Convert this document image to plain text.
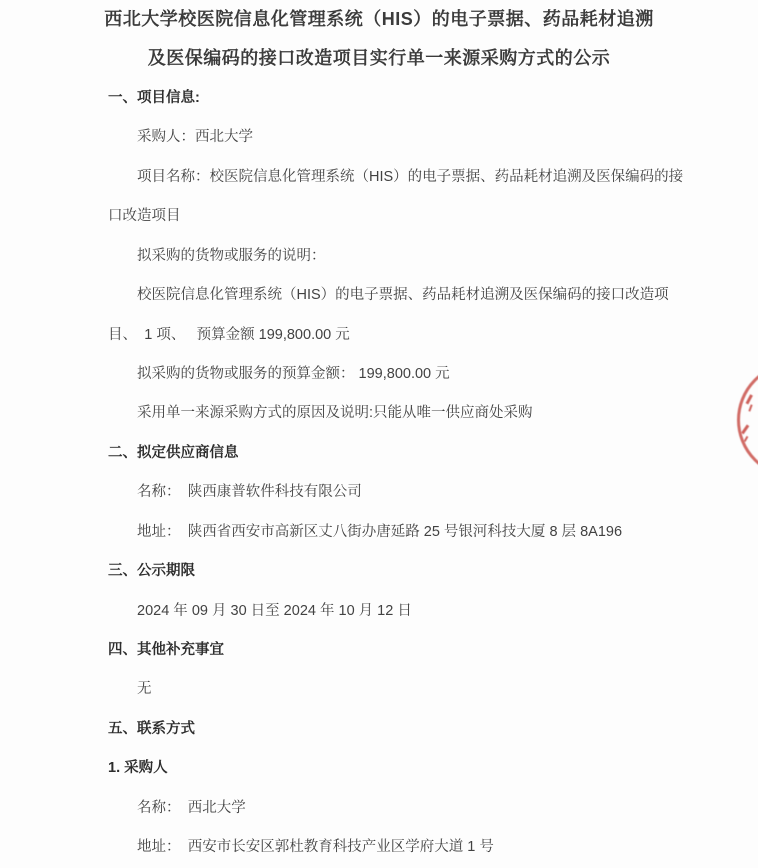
西北大学校医院信息化管理系统（HIS）的电子票据、药品耗材追溯
及医保编码的接口改造项目实行单一来源采购方式的公示
一、项目信息:
采购人：西北大学
项目名称：校医院信息化管理系统（HIS）的电子票据、药品耗材追溯及医保编码的接
口改造项目
拟采购的货物或服务的说明：
校医院信息化管理系统（HIS）的电子票据、药品耗材追溯及医保编码的接口改造项
目、　1 项、　 预算金额 199,800.00 元
拟采购的货物或服务的预算金额： 199,800.00 元
采用单一来源采购方式的原因及说明:只能从唯一供应商处采购
二、拟定供应商信息
名称：　陕西康普软件科技有限公司
地址：　陕西省西安市高新区丈八街办唐延路 25 号银河科技大厦 8 层 8A196
三、公示期限
2024 年 09 月 30 日至 2024 年 10 月 12 日
四、其他补充事宜
无
五、联系方式
1. 采购人
名称：　西北大学
地址：　西安市长安区郭杜教育科技产业区学府大道 1 号
